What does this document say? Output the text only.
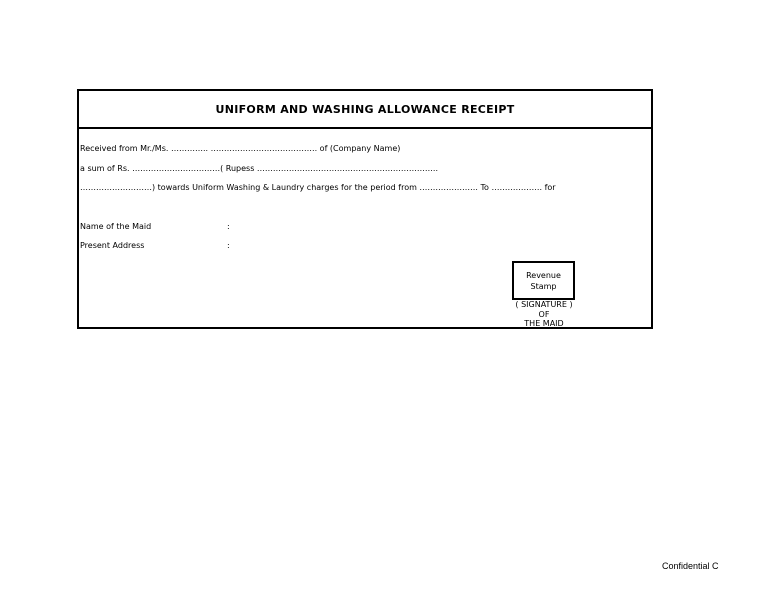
UNIFORM AND WASHING ALLOWANCE RECEIPT
Received from Mr./Ms. ………….. …………………………………. of (Company Name)
a sum of Rs. ……………………………( Rupess …………………………………………………………..
………………………) towards Uniform Washing & Laundry charges for the period from …………………. To ………………. for
Name of the Maid	:
Present Address	:
Revenue
Stamp
( SIGNATURE )
OF
THE MAID
Confidential C
